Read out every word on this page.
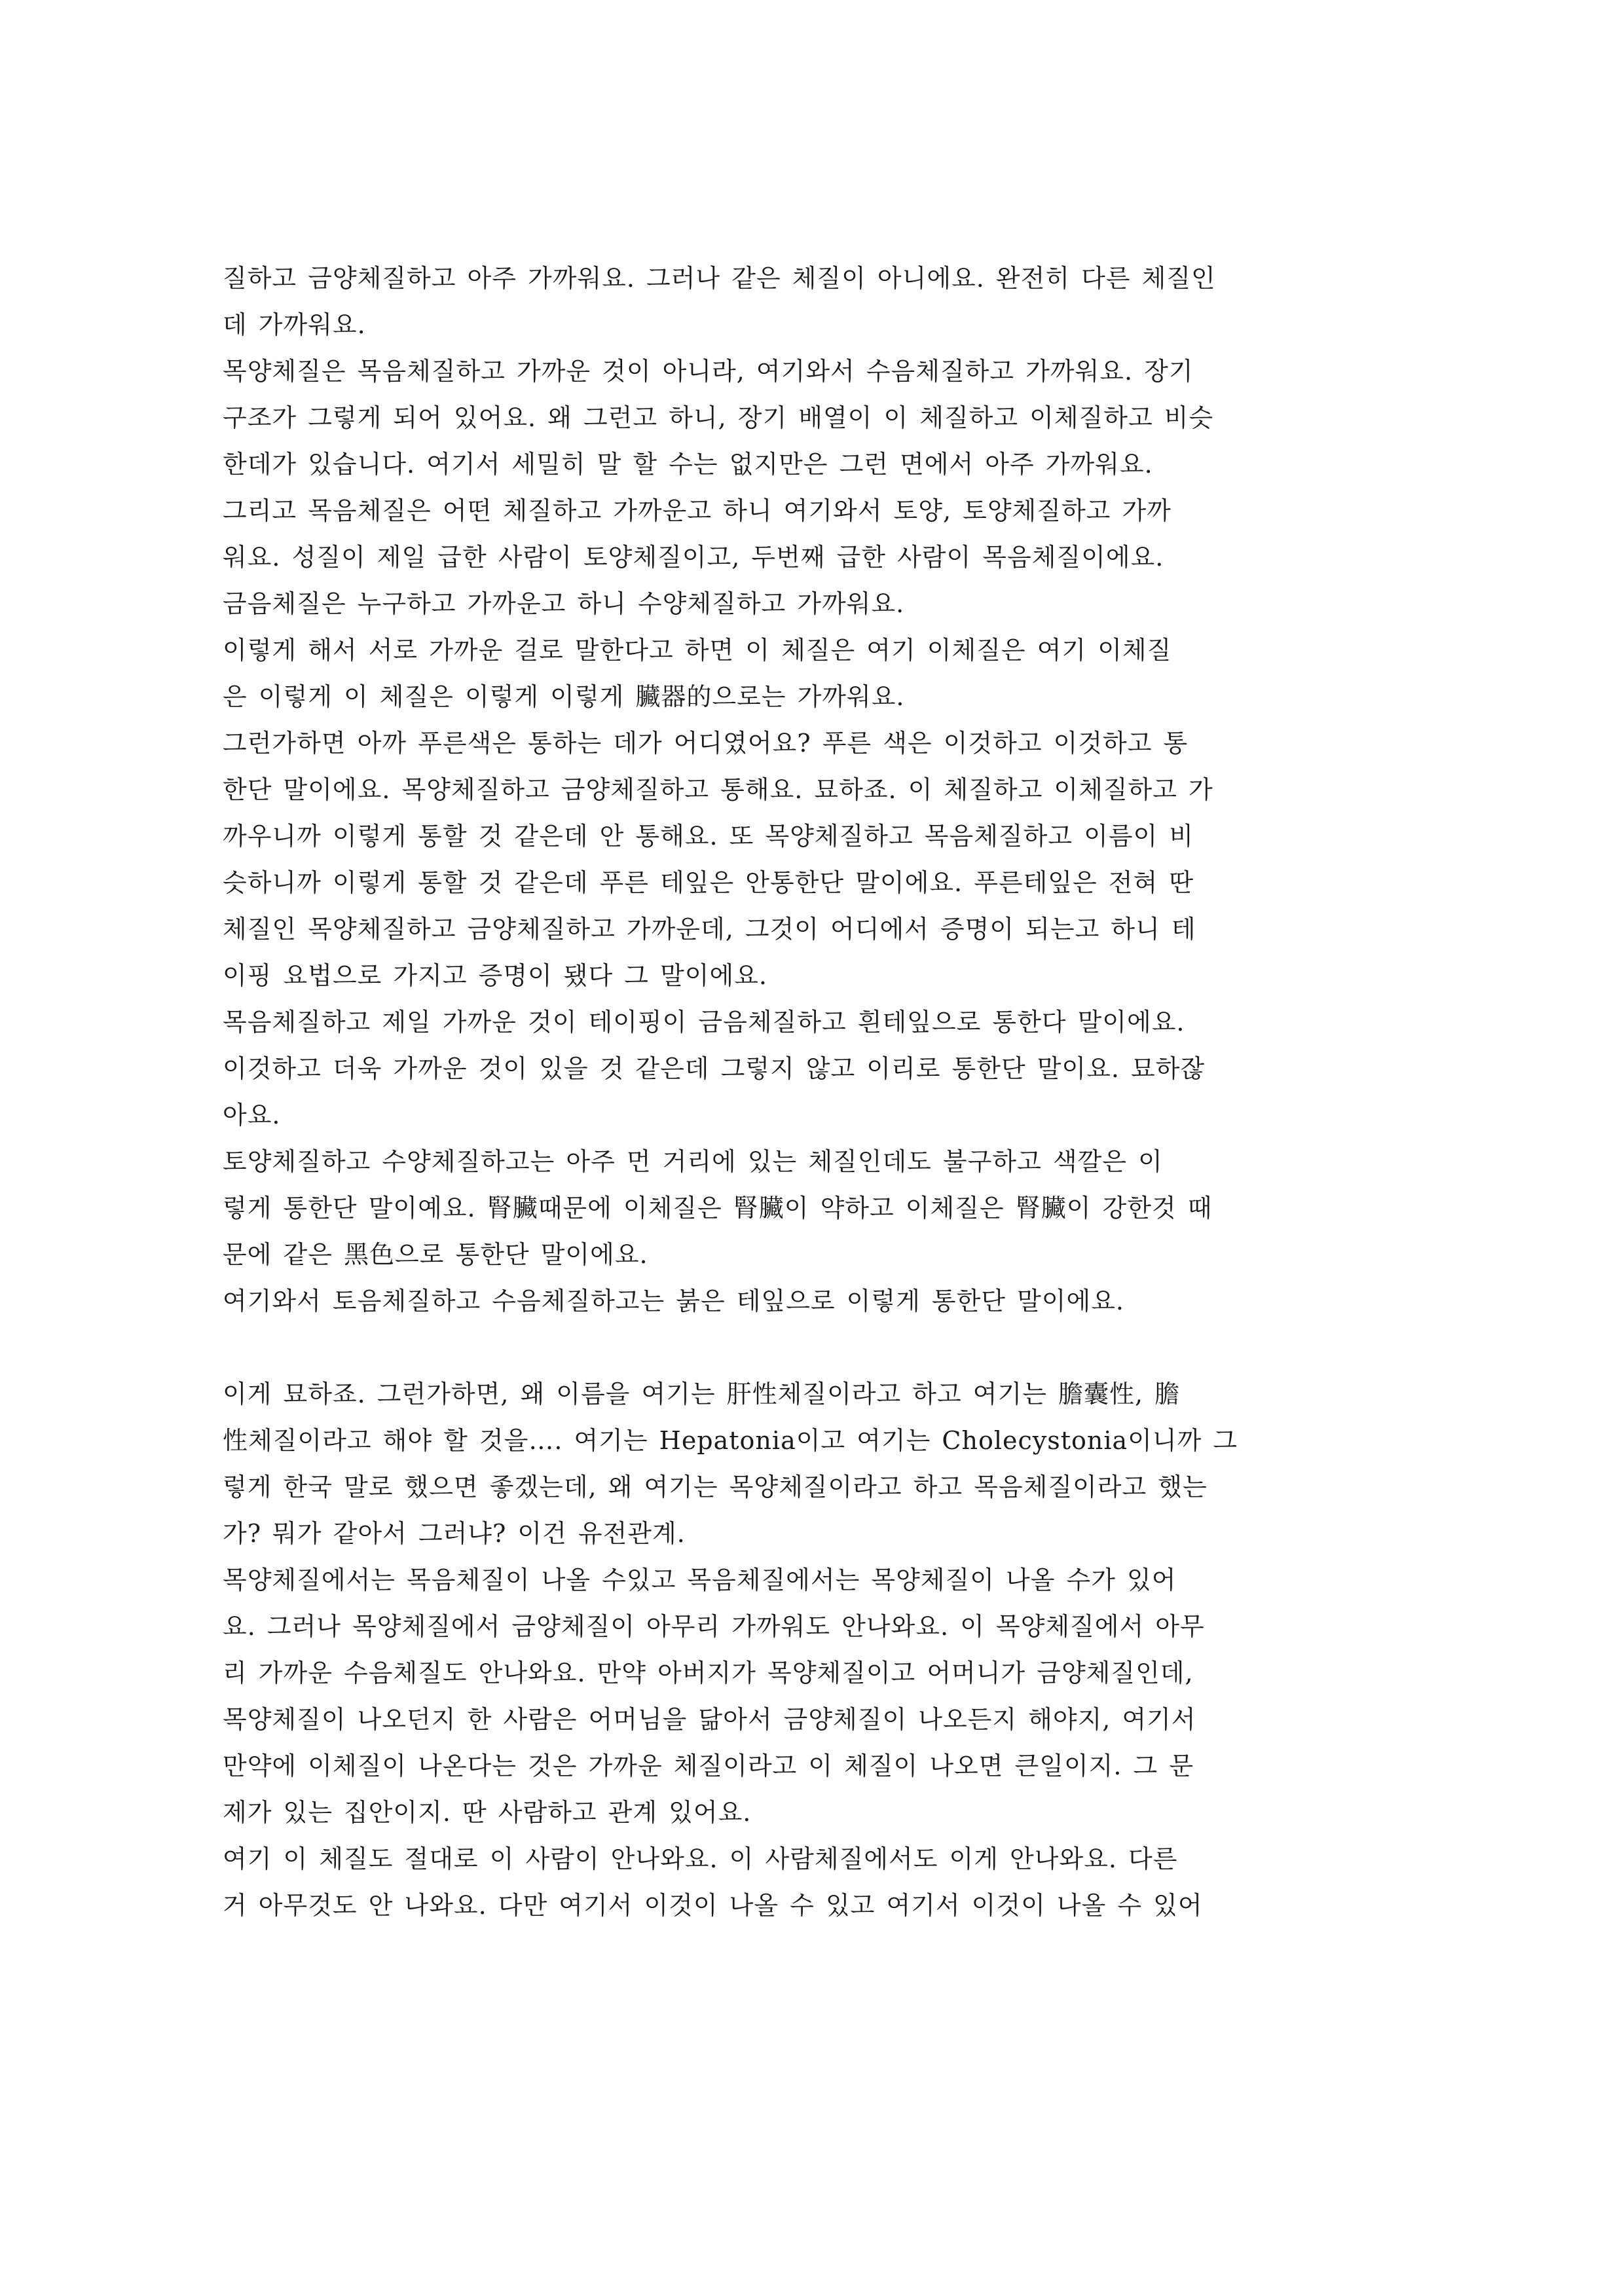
질하고 금양체질하고 아주 가까워요. 그러나 같은 체질이 아니에요. 완전히 다른 체질인
데 가까워요.
목양체질은 목음체질하고 가까운 것이 아니라, 여기와서 수음체질하고 가까워요. 장기
구조가 그렇게 되어 있어요. 왜 그런고 하니, 장기 배열이 이 체질하고 이체질하고 비슷
한데가 있습니다. 여기서 세밀히 말 할 수는 없지만은 그런 면에서 아주 가까워요.
그리고 목음체질은 어떤 체질하고 가까운고 하니 여기와서 토양, 토양체질하고 가까
워요. 성질이 제일 급한 사람이 토양체질이고, 두번째 급한 사람이 목음체질이에요.
금음체질은 누구하고 가까운고 하니 수양체질하고 가까워요.
이렇게 해서 서로 가까운 걸로 말한다고 하면 이 체질은 여기 이체질은 여기 이체질
은 이렇게 이 체질은 이렇게 이렇게 臟器的으로는 가까워요.
그런가하면 아까 푸른색은 통하는 데가 어디였어요? 푸른 색은 이것하고 이것하고 통
한단 말이에요. 목양체질하고 금양체질하고 통해요. 묘하죠. 이 체질하고 이체질하고 가
까우니까 이렇게 통할 것 같은데 안 통해요. 또 목양체질하고 목음체질하고 이름이 비
슷하니까 이렇게 통할 것 같은데 푸른 테잎은 안통한단 말이에요. 푸른테잎은 전혀 딴
체질인 목양체질하고 금양체질하고 가까운데, 그것이 어디에서 증명이 되는고 하니 테
이핑 요법으로 가지고 증명이 됐다 그 말이에요.
목음체질하고 제일 가까운 것이 테이핑이 금음체질하고 흰테잎으로 통한다 말이에요.
이것하고 더욱 가까운 것이 있을 것 같은데 그렇지 않고 이리로 통한단 말이요. 묘하잖
아요.
토양체질하고 수양체질하고는 아주 먼 거리에 있는 체질인데도 불구하고 색깔은 이
렇게 통한단 말이예요. 腎臟때문에 이체질은 腎臟이 약하고 이체질은 腎臟이 강한것 때
문에 같은 黑色으로 통한단 말이에요.
여기와서 토음체질하고 수음체질하고는 붉은 테잎으로 이렇게 통한단 말이에요.
이게 묘하죠. 그런가하면, 왜 이름을 여기는 肝性체질이라고 하고 여기는 膽囊性, 膽
性체질이라고 해야 할 것을…. 여기는 Hepatonia이고 여기는 Cholecystonia이니까 그
렇게 한국 말로 했으면 좋겠는데, 왜 여기는 목양체질이라고 하고 목음체질이라고 했는
가? 뭐가 같아서 그러냐? 이건 유전관계.
목양체질에서는 목음체질이 나올 수있고 목음체질에서는 목양체질이 나올 수가 있어
요. 그러나 목양체질에서 금양체질이 아무리 가까워도 안나와요. 이 목양체질에서 아무
리 가까운 수음체질도 안나와요. 만약 아버지가 목양체질이고 어머니가 금양체질인데,
목양체질이 나오던지 한 사람은 어머님을 닮아서 금양체질이 나오든지 해야지, 여기서
만약에 이체질이 나온다는 것은 가까운 체질이라고 이 체질이 나오면 큰일이지. 그 문
제가 있는 집안이지. 딴 사람하고 관계 있어요.
여기 이 체질도 절대로 이 사람이 안나와요. 이 사람체질에서도 이게 안나와요. 다른
거 아무것도 안 나와요. 다만 여기서 이것이 나올 수 있고 여기서 이것이 나올 수 있어
